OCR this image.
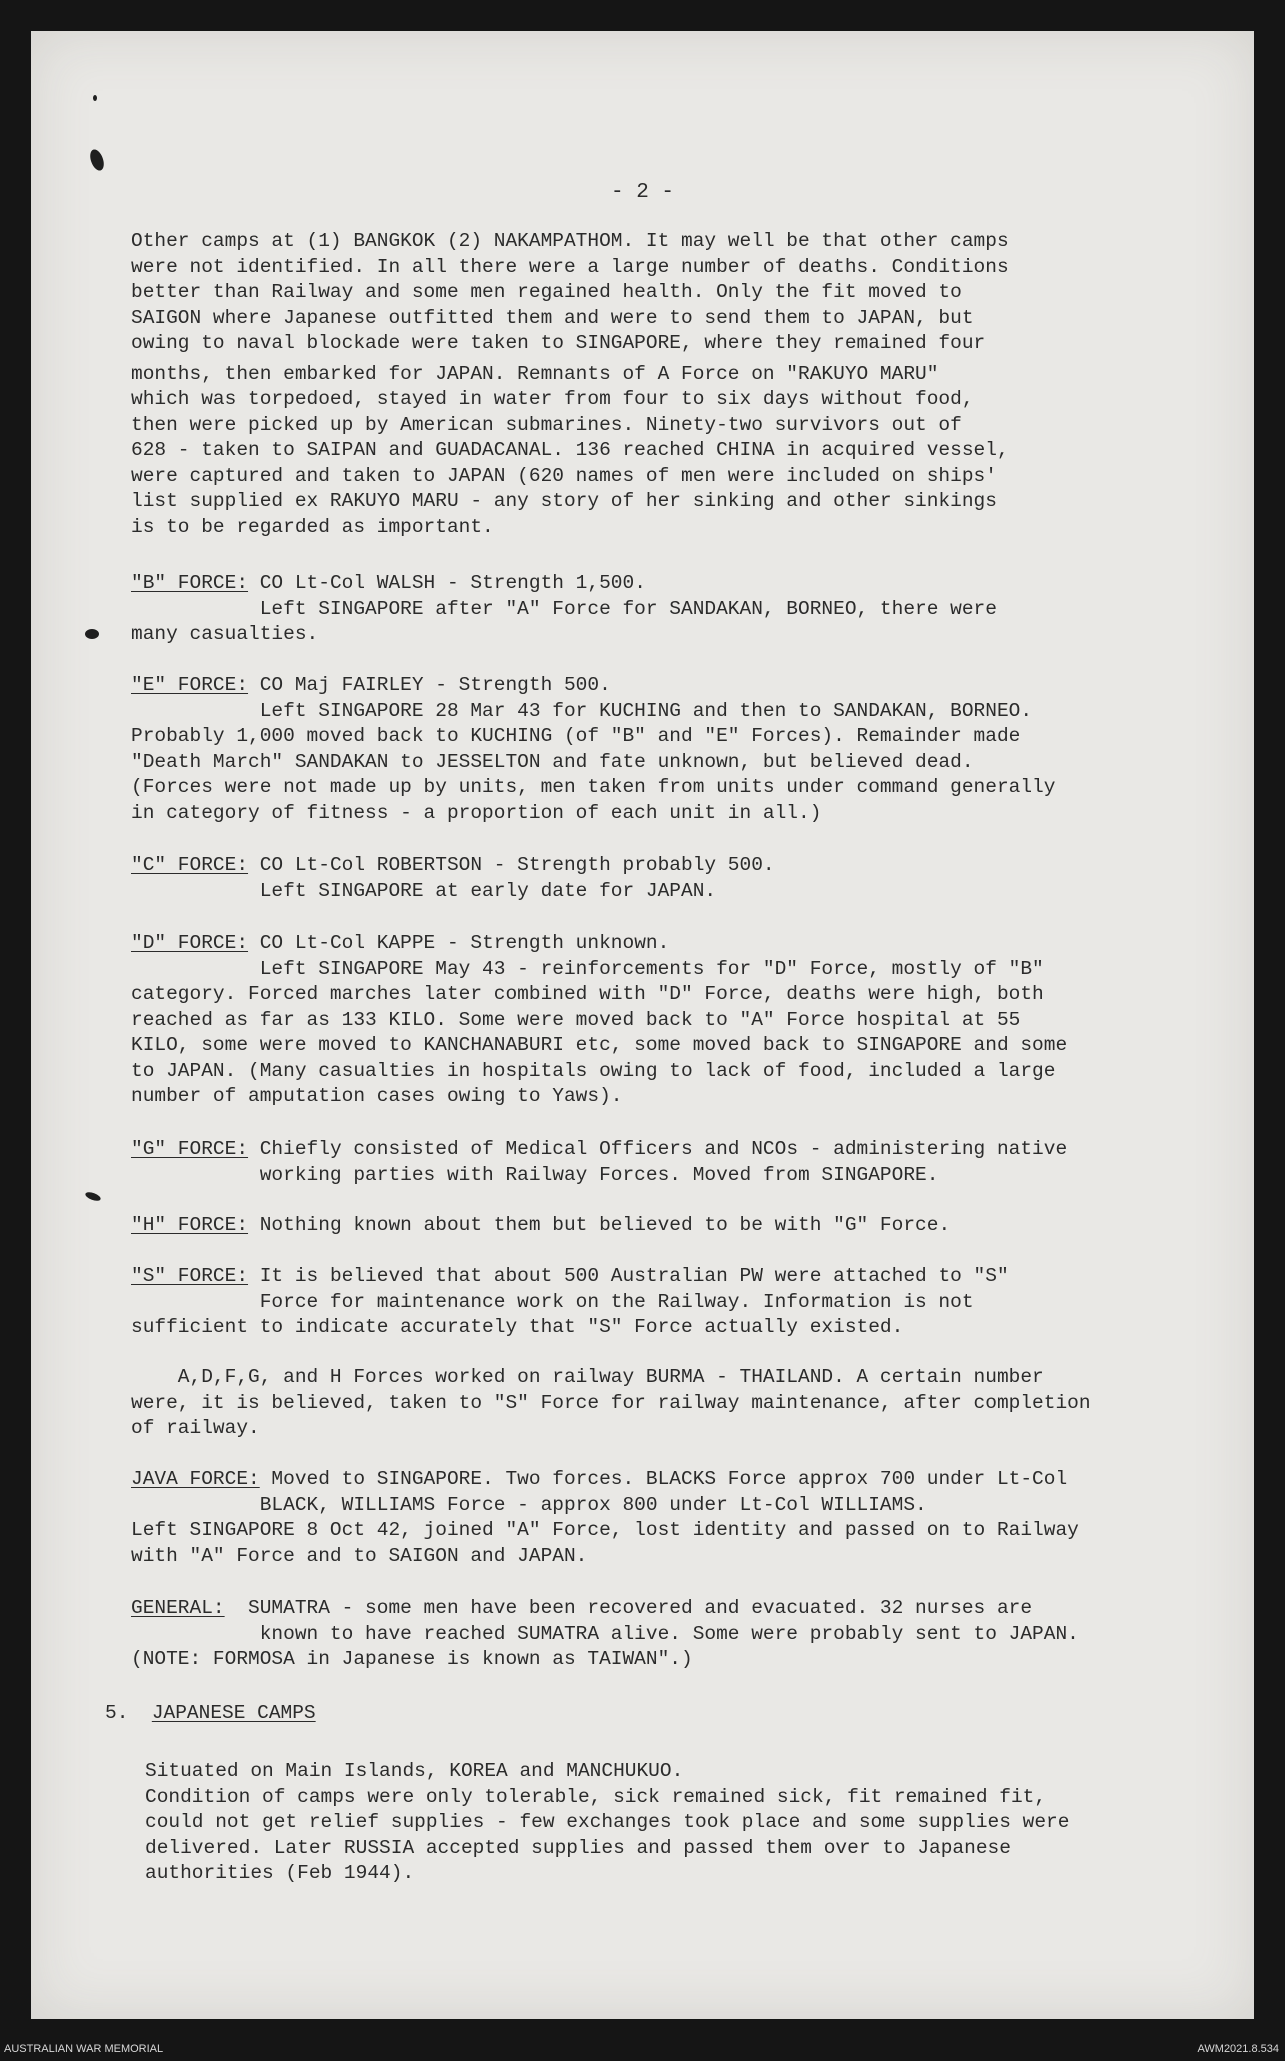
- 2 -
Other camps at (1) BANGKOK (2) NAKAMPATHOM. It may well be that other camps
were not identified. In all there were a large number of deaths. Conditions
better than Railway and some men regained health. Only the fit moved to
SAIGON where Japanese outfitted them and were to send them to JAPAN, but
owing to naval blockade were taken to SINGAPORE, where they remained four
months, then embarked for JAPAN. Remnants of A Force on "RAKUYO MARU"
which was torpedoed, stayed in water from four to six days without food,
then were picked up by American submarines. Ninety-two survivors out of
628 - taken to SAIPAN and GUADACANAL. 136 reached CHINA in acquired vessel,
were captured and taken to JAPAN (620 names of men were included on ships'
list supplied ex RAKUYO MARU - any story of her sinking and other sinkings
is to be regarded as important.
"B" FORCE: CO Lt-Col WALSH - Strength 1,500.
Left SINGAPORE after "A" Force for SANDAKAN, BORNEO, there were
many casualties.
"E" FORCE: CO Maj FAIRLEY - Strength 500.
Left SINGAPORE 28 Mar 43 for KUCHING and then to SANDAKAN, BORNEO.
Probably 1,000 moved back to KUCHING (of "B" and "E" Forces). Remainder made
"Death March" SANDAKAN to JESSELTON and fate unknown, but believed dead.
(Forces were not made up by units, men taken from units under command generally
in category of fitness - a proportion of each unit in all.)
"C" FORCE: CO Lt-Col ROBERTSON - Strength probably 500.
Left SINGAPORE at early date for JAPAN.
"D" FORCE: CO Lt-Col KAPPE - Strength unknown.
Left SINGAPORE May 43 - reinforcements for "D" Force, mostly of "B"
category. Forced marches later combined with "D" Force, deaths were high, both
reached as far as 133 KILO. Some were moved back to "A" Force hospital at 55
KILO, some were moved to KANCHANABURI etc, some moved back to SINGAPORE and some
to JAPAN. (Many casualties in hospitals owing to lack of food, included a large
number of amputation cases owing to Yaws).
"G" FORCE: Chiefly consisted of Medical Officers and NCOs - administering native
working parties with Railway Forces. Moved from SINGAPORE.
"H" FORCE: Nothing known about them but believed to be with "G" Force.
"S" FORCE: It is believed that about 500 Australian PW were attached to "S"
Force for maintenance work on the Railway. Information is not
sufficient to indicate accurately that "S" Force actually existed.
A,D,F,G, and H Forces worked on railway BURMA - THAILAND. A certain number
were, it is believed, taken to "S" Force for railway maintenance, after completion
of railway.
JAVA FORCE: Moved to SINGAPORE. Two forces. BLACKS Force approx 700 under Lt-Col
BLACK, WILLIAMS Force - approx 800 under Lt-Col WILLIAMS.
Left SINGAPORE 8 Oct 42, joined "A" Force, lost identity and passed on to Railway
with "A" Force and to SAIGON and JAPAN.
GENERAL:  SUMATRA - some men have been recovered and evacuated. 32 nurses are
known to have reached SUMATRA alive. Some were probably sent to JAPAN.
(NOTE: FORMOSA in Japanese is known as TAIWAN".)
5. JAPANESE CAMPS
Situated on Main Islands, KOREA and MANCHUKUO.
Condition of camps were only tolerable, sick remained sick, fit remained fit,
could not get relief supplies - few exchanges took place and some supplies were
delivered. Later RUSSIA accepted supplies and passed them over to Japanese
authorities (Feb 1944).
AUSTRALIAN WAR MEMORIAL	AWM2021.8.534
